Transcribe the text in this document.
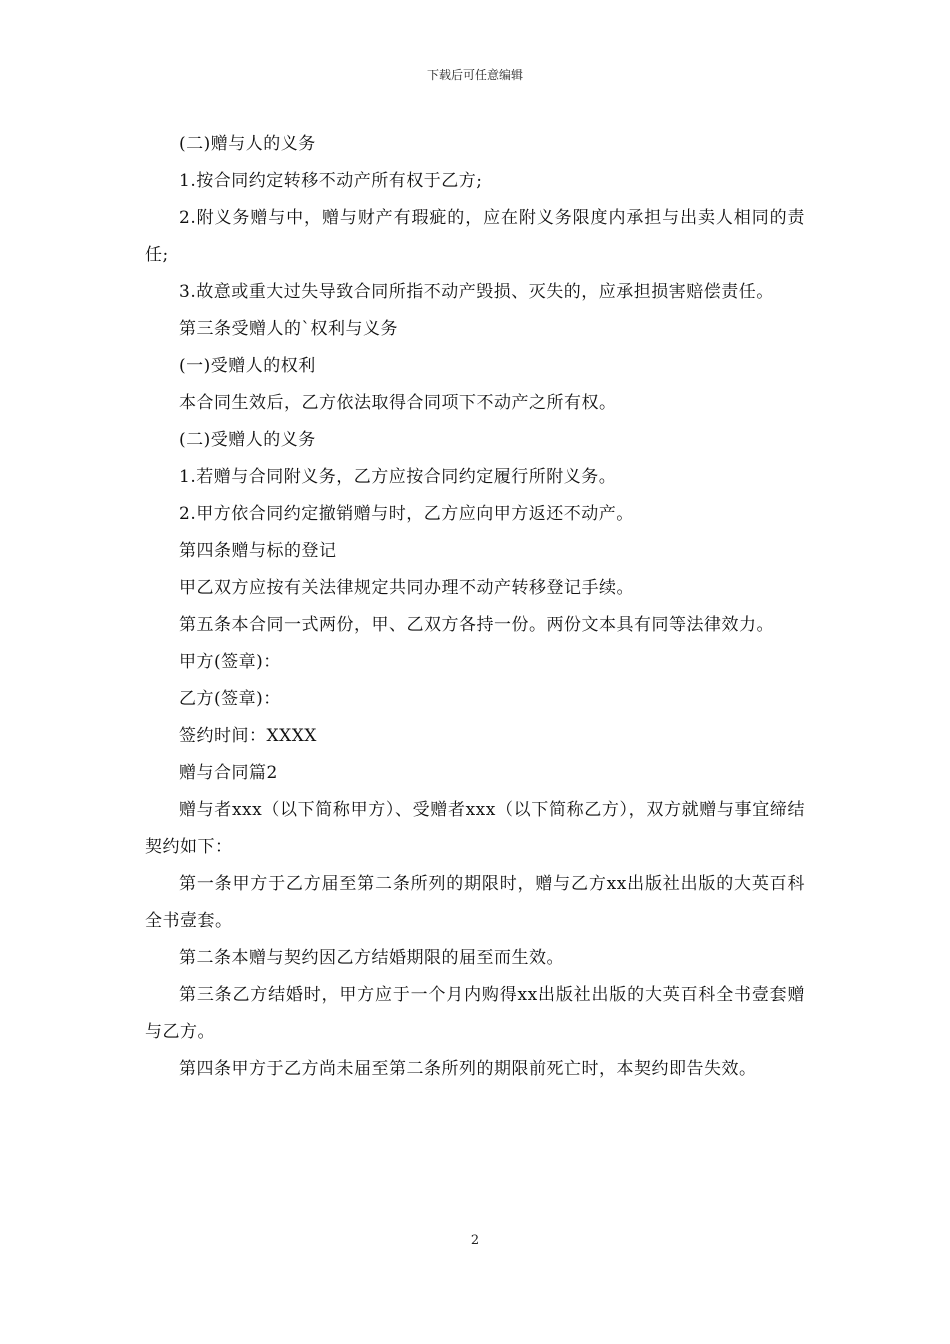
下载后可任意编辑

(二)赠与人的义务

1.按合同约定转移不动产所有权于乙方;

2.附义务赠与中，赠与财产有瑕疵的，应在附义务限度内承担与出卖人相同的责任;

3.故意或重大过失导致合同所指不动产毁损、灭失的，应承担损害赔偿责任。

第三条受赠人的`权利与义务

(一)受赠人的权利

本合同生效后，乙方依法取得合同项下不动产之所有权。

(二)受赠人的义务

1.若赠与合同附义务，乙方应按合同约定履行所附义务。

2.甲方依合同约定撤销赠与时，乙方应向甲方返还不动产。

第四条赠与标的登记

甲乙双方应按有关法律规定共同办理不动产转移登记手续。

第五条本合同一式两份，甲、乙双方各持一份。两份文本具有同等法律效力。

甲方(签章)：

乙方(签章)：

签约时间：XXXX

赠与合同篇2

赠与者xxx（以下简称甲方）、受赠者xxx（以下简称乙方），双方就赠与事宜缔结契约如下：

第一条甲方于乙方届至第二条所列的期限时，赠与乙方xx出版社出版的大英百科全书壹套。

第二条本赠与契约因乙方结婚期限的届至而生效。

第三条乙方结婚时，甲方应于一个月内购得xx出版社出版的大英百科全书壹套赠与乙方。

第四条甲方于乙方尚未届至第二条所列的期限前死亡时，本契约即告失效。

2
